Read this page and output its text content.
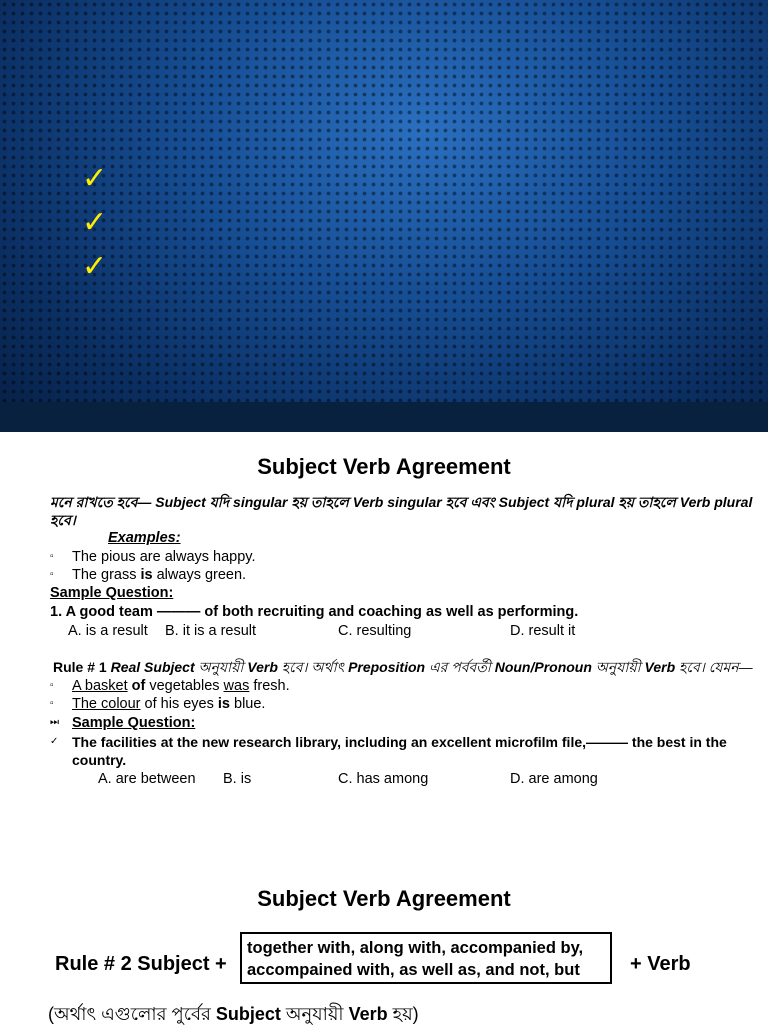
✓
✓
✓
Subject Verb Agreement
মনে রাখতে হবে— Subject যদি singular হয় তাহলে Verb singular হবে এবং Subject যদি plural হয় তাহলে Verb plural
হবে।
Examples:
▫ The pious are always happy.
▫ The grass is always green.
Sample Question:
1. A good team ——— of both recruiting and coaching as well as performing.
A. is a result B. it is a result	C. resulting	D. result it
Rule # 1 Real Subject অনুযায়ী Verb হবে। অর্থাৎ Preposition এর পর্ববর্তী Noun/Pronoun অনুযায়ী Verb হবে। যেমন—
▫ A basket of vegetables was fresh.
▫ The colour of his eyes is blue.
⏭ Sample Question:
✓ The facilities at the new research library, including an excellent microfilm file,——— the best in the
country.
A. are between B. is	C. has among	D. are among
Subject Verb Agreement
Rule # 2 Subject +
together with, along with, accompanied by,
accompained with, as well as, and not, but	+ Verb
(অর্থাৎ এগুলোর পুর্বের Subject অনুযায়ী Verb হয়)
